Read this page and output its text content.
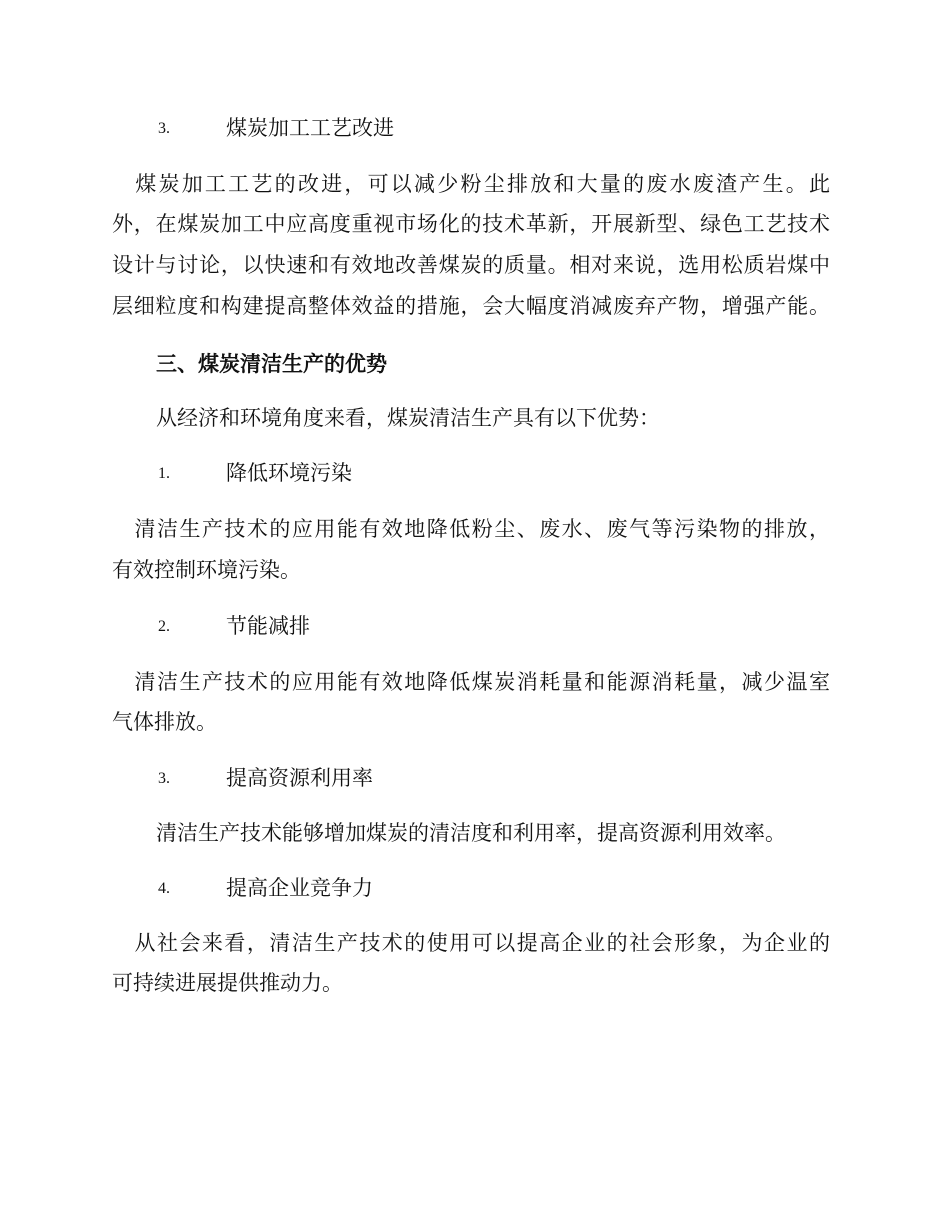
3.	煤炭加工工艺改进
　煤炭加工工艺的改进，可以减少粉尘排放和大量的废水废渣产生。此
外，在煤炭加工中应高度重视市场化的技术革新，开展新型、绿色工艺技术
设计与讨论，以快速和有效地改善煤炭的质量。相对来说，选用松质岩煤中
层细粒度和构建提高整体效益的措施，会大幅度消减废弃产物，增强产能。
三、煤炭清洁生产的优势
从经济和环境角度来看，煤炭清洁生产具有以下优势：
1.	降低环境污染
　清洁生产技术的应用能有效地降低粉尘、废水、废气等污染物的排放，
有效控制环境污染。
2.	节能减排
　清洁生产技术的应用能有效地降低煤炭消耗量和能源消耗量，减少温室
气体排放。
3.	提高资源利用率
清洁生产技术能够增加煤炭的清洁度和利用率，提高资源利用效率。
4.	提高企业竞争力
　从社会来看，清洁生产技术的使用可以提高企业的社会形象，为企业的
可持续进展提供推动力。
